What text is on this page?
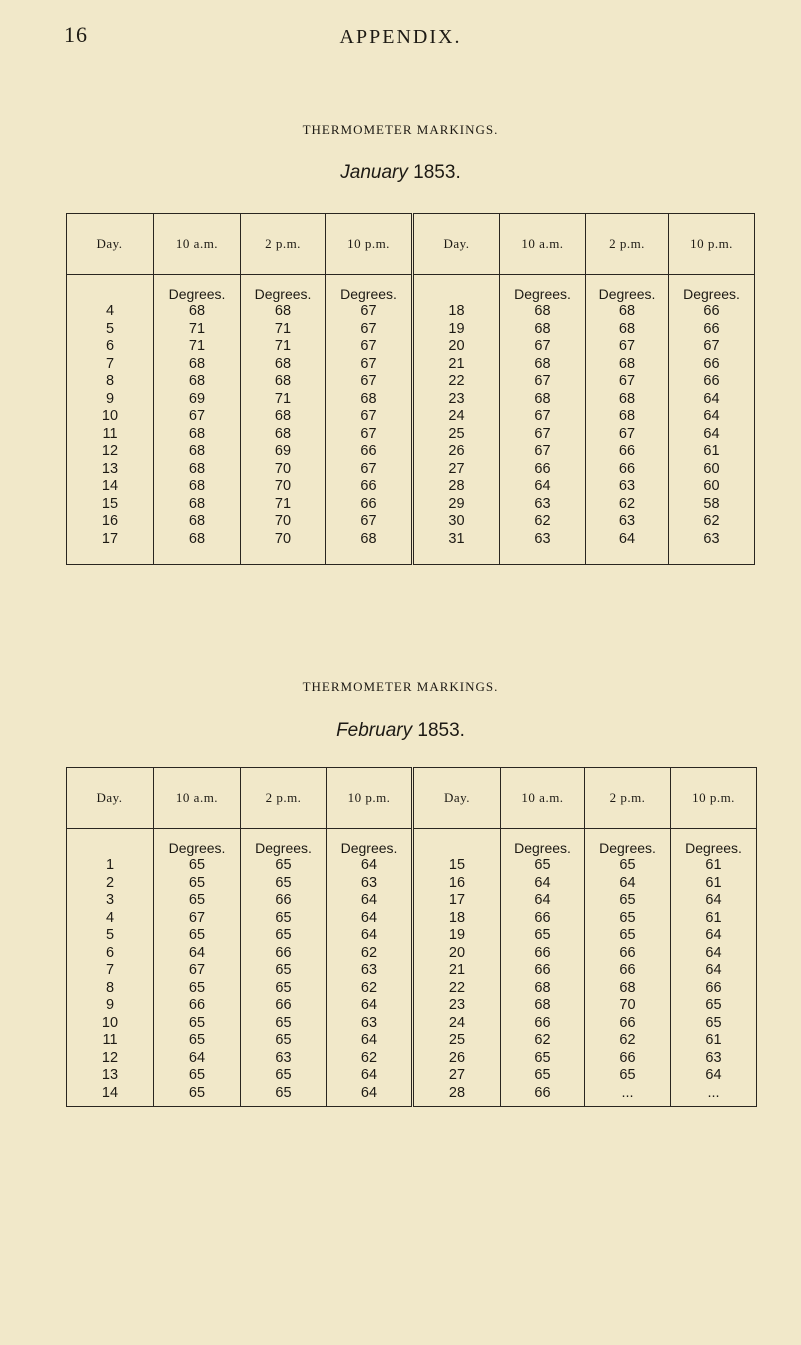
16	APPENDIX.
THERMOMETER MARKINGS.
January 1853.
Day.	10 a.m.	2 p.m.	10 p.m.	Day.	10 a.m.	2 p.m.	10 p.m.
	Degrees.	Degrees.	Degrees.		Degrees.	Degrees.	Degrees.
4	68	68	67	18	68	68	66
5	71	71	67	19	68	68	66
6	71	71	67	20	67	67	67
7	68	68	67	21	68	68	66
8	68	68	67	22	67	67	66
9	69	71	68	23	68	68	64
10	67	68	67	24	67	68	64
11	68	68	67	25	67	67	64
12	68	69	66	26	67	66	61
13	68	70	67	27	66	66	60
14	68	70	66	28	64	63	60
15	68	71	66	29	63	62	58
16	68	70	67	30	62	63	62
17	68	70	68	31	63	64	63

THERMOMETER MARKINGS.
February 1853.
Day.	10 a.m.	2 p.m.	10 p.m.	Day.	10 a.m.	2 p.m.	10 p.m.
	Degrees.	Degrees.	Degrees.		Degrees.	Degrees.	Degrees.
1	65	65	64	15	65	65	61
2	65	65	63	16	64	64	61
3	65	66	64	17	64	65	64
4	67	65	64	18	66	65	61
5	65	65	64	19	65	65	64
6	64	66	62	20	66	66	64
7	67	65	63	21	66	66	64
8	65	65	62	22	68	68	66
9	66	66	64	23	68	70	65
10	65	65	63	24	66	66	65
11	65	65	64	25	62	62	61
12	64	63	62	26	65	66	63
13	65	65	64	27	65	65	64
14	65	65	64	28	66	...	...
